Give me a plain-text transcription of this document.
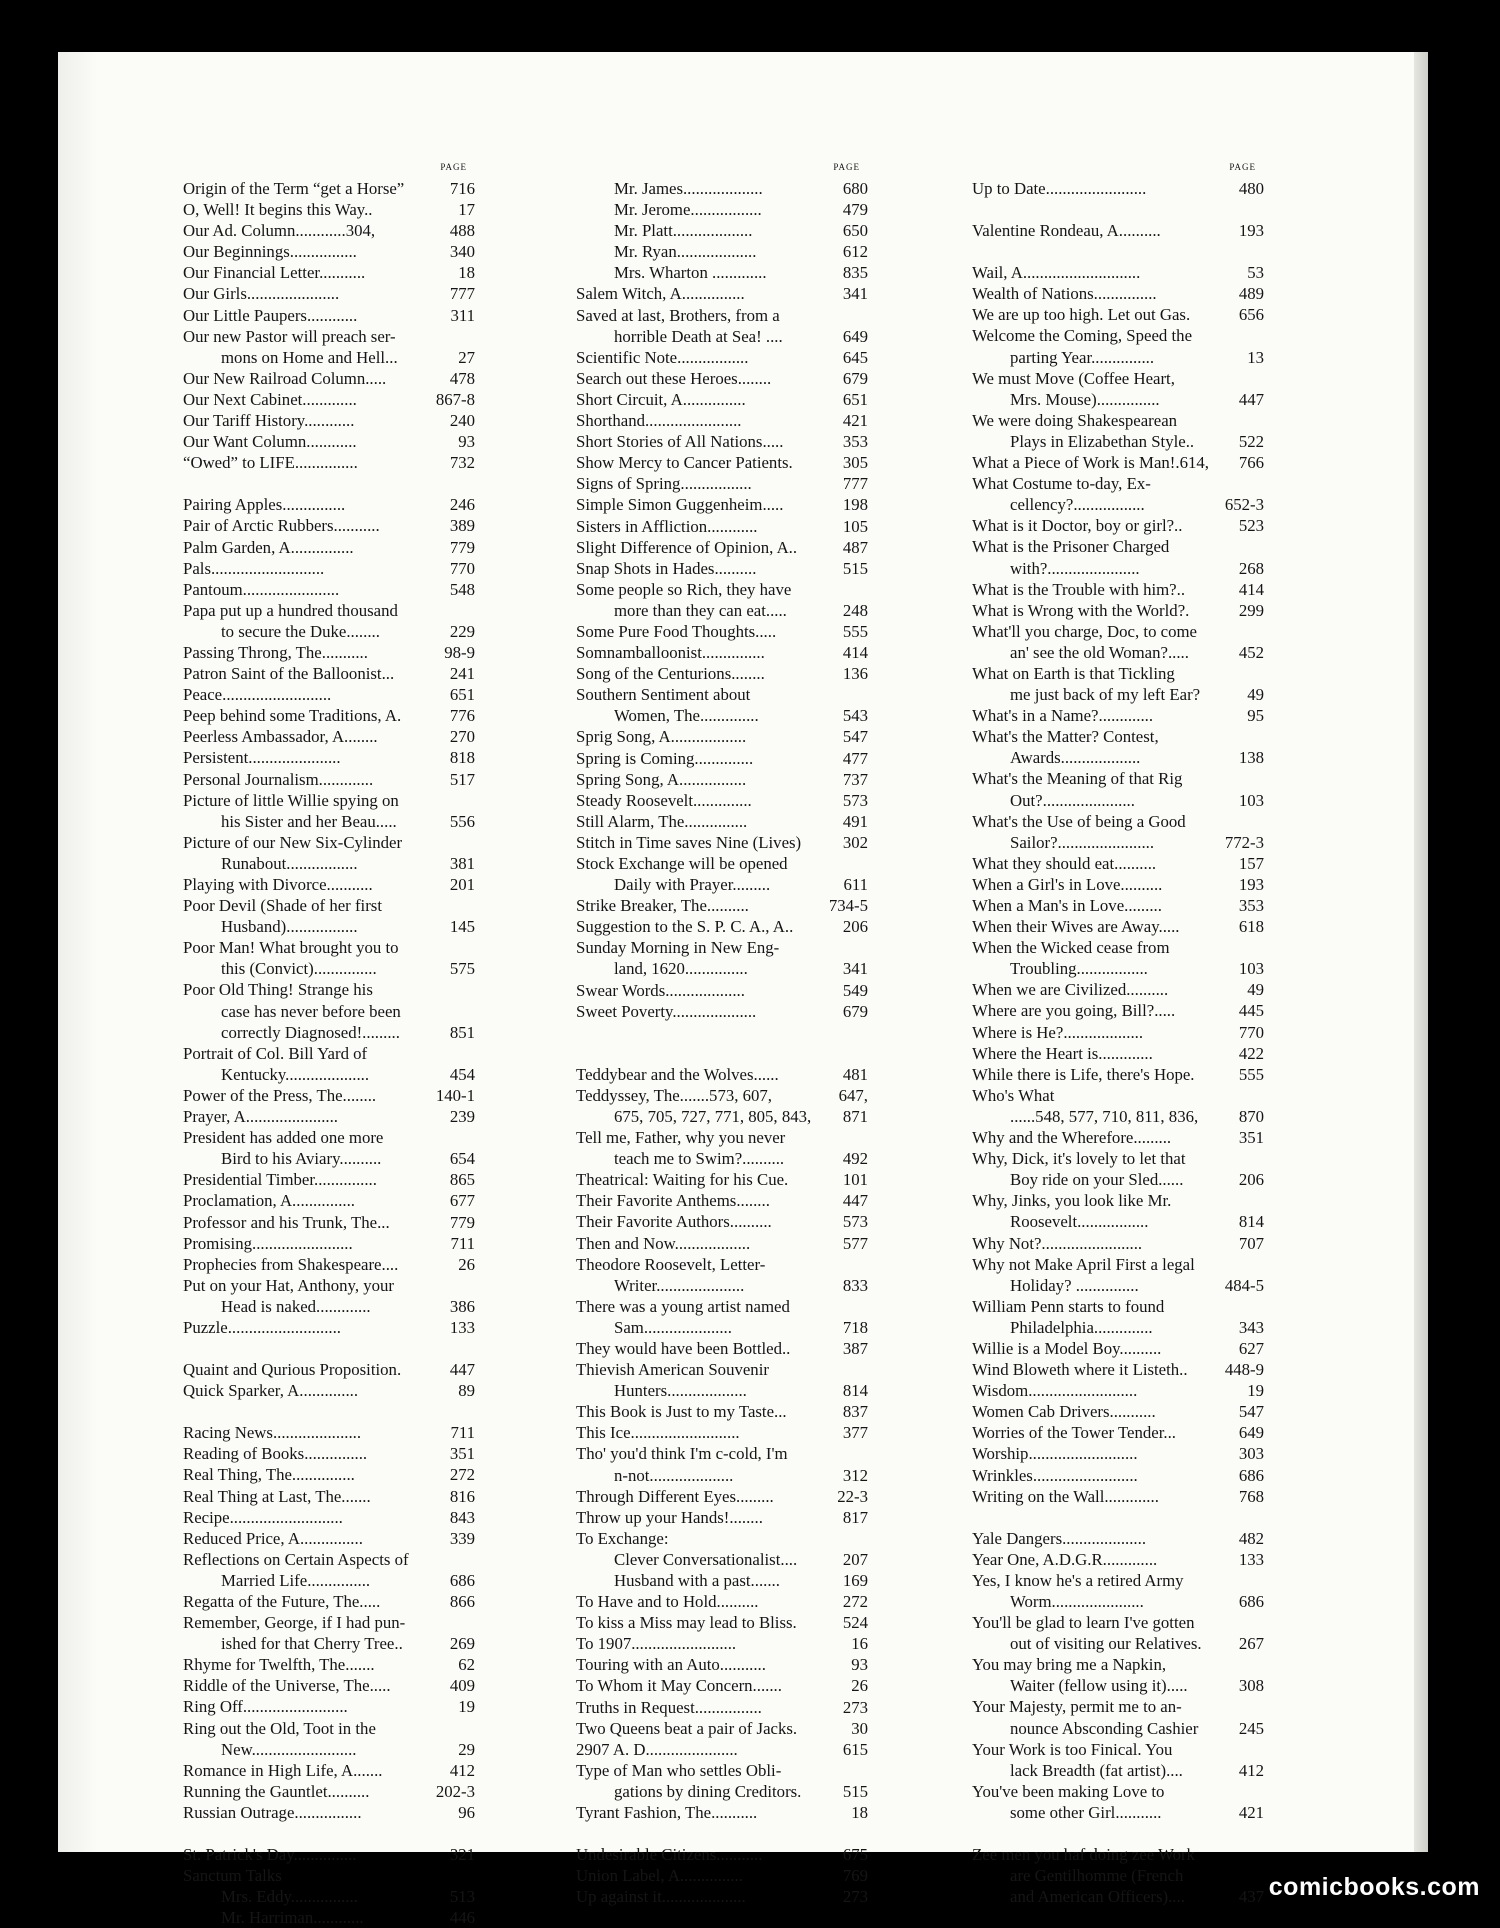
PAGE
Origin of the Term “get a Horse”	716
O, Well! It begins this Way..	17
Our Ad. Column............304,	488
Our Beginnings................	340
Our Financial Letter...........	18
Our Girls......................	777
Our Little Paupers............	311
Our new Pastor will preach ser-
mons on Home and Hell...	27
Our New Railroad Column.....	478
Our Next Cabinet.............	867-8
Our Tariff History............	240
Our Want Column............	93
“Owed” to LIFE...............	732
Pairing Apples...............	246
Pair of Arctic Rubbers...........	389
Palm Garden, A...............	779
Pals...........................	770
Pantoum.......................	548
Papa put up a hundred thousand
to secure the Duke........	229
Passing Throng, The...........	98-9
Patron Saint of the Balloonist...	241
Peace..........................	651
Peep behind some Traditions, A.	776
Peerless Ambassador, A........	270
Persistent......................	818
Personal Journalism.............	517
Picture of little Willie spying on
his Sister and her Beau.....	556
Picture of our New Six-Cylinder
Runabout.................	381
Playing with Divorce...........	201
Poor Devil (Shade of her first
Husband).................	145
Poor Man! What brought you to
this (Convict)...............	575
Poor Old Thing! Strange his
case has never before been
correctly Diagnosed!.........	851
Portrait of Col. Bill Yard of
Kentucky....................	454
Power of the Press, The........	140-1
Prayer, A......................	239
President has added one more
Bird to his Aviary..........	654
Presidential Timber...............	865
Proclamation, A...............	677
Professor and his Trunk, The...	779
Promising........................	711
Prophecies from Shakespeare....	26
Put on your Hat, Anthony, your
Head is naked.............	386
Puzzle...........................	133
Quaint and Qurious Proposition.	447
Quick Sparker, A..............	89
Racing News.....................	711
Reading of Books...............	351
Real Thing, The...............	272
Real Thing at Last, The.......	816
Recipe...........................	843
Reduced Price, A...............	339
Reflections on Certain Aspects of
Married Life...............	686
Regatta of the Future, The.....	866
Remember, George, if I had pun-
ished for that Cherry Tree..	269
Rhyme for Twelfth, The.......	62
Riddle of the Universe, The.....	409
Ring Off.........................	19
Ring out the Old, Toot in the
New.........................	29
Romance in High Life, A.......	412
Running the Gauntlet..........	202-3
Russian Outrage................	96
St. Patrick's Day...............	321
Sanctum Talks
Mrs. Eddy................	513
Mr. Harriman............	446
PAGE
Mr. James...................	680
Mr. Jerome.................	479
Mr. Platt...................	650
Mr. Ryan...................	612
Mrs. Wharton .............	835
Salem Witch, A...............	341
Saved at last, Brothers, from a
horrible Death at Sea! ....	649
Scientific Note.................	645
Search out these Heroes........	679
Short Circuit, A...............	651
Shorthand.......................	421
Short Stories of All Nations.....	353
Show Mercy to Cancer Patients.	305
Signs of Spring.................	777
Simple Simon Guggenheim.....	198
Sisters in Affliction............	105
Slight Difference of Opinion, A..	487
Snap Shots in Hades..........	515
Some people so Rich, they have
more than they can eat.....	248
Some Pure Food Thoughts.....	555
Somnamballoonist...............	414
Song of the Centurions........	136
Southern Sentiment about
Women, The..............	543
Sprig Song, A..................	547
Spring is Coming..............	477
Spring Song, A................	737
Steady Roosevelt..............	573
Still Alarm, The...............	491
Stitch in Time saves Nine (Lives)	302
Stock Exchange will be opened
Daily with Prayer.........	611
Strike Breaker, The..........	734-5
Suggestion to the S. P. C. A., A..	206
Sunday Morning in New Eng-
land, 1620...............	341
Swear Words...................	549
Sweet Poverty....................	679
Teddybear and the Wolves......	481
Teddyssey, The.......573, 607,	647,
675, 705, 727, 771, 805, 843,	871
Tell me, Father, why you never
teach me to Swim?..........	492
Theatrical: Waiting for his Cue.	101
Their Favorite Anthems........	447
Their Favorite Authors..........	573
Then and Now..................	577
Theodore Roosevelt, Letter-
Writer.....................	833
There was a young artist named
Sam.....................	718
They would have been Bottled..	387
Thievish American Souvenir
Hunters...................	814
This Book is Just to my Taste...	837
This Ice..........................	377
Tho' you'd think I'm c-cold, I'm
n-not....................	312
Through Different Eyes.........	22-3
Throw up your Hands!........	817
To Exchange:
Clever Conversationalist....	207
Husband with a past.......	169
To Have and to Hold..........	272
To kiss a Miss may lead to Bliss.	524
To 1907.........................	16
Touring with an Auto...........	93
To Whom it May Concern.......	26
Truths in Request................	273
Two Queens beat a pair of Jacks.	30
2907 A. D......................	615
Type of Man who settles Obli-
gations by dining Creditors.	515
Tyrant Fashion, The...........	18
Undesirable Citizens...........	675
Union Label, A...............	769
Up against it....................	273
PAGE
Up to Date........................	480
Valentine Rondeau, A..........	193
Wail, A............................	53
Wealth of Nations...............	489
We are up too high. Let out Gas.	656
Welcome the Coming, Speed the
parting Year...............	13
We must Move (Coffee Heart,
Mrs. Mouse)...............	447
We were doing Shakespearean
Plays in Elizabethan Style..	522
What a Piece of Work is Man!.614,	766
What Costume to-day, Ex-
cellency?.................	652-3
What is it Doctor, boy or girl?..	523
What is the Prisoner Charged
with?......................	268
What is the Trouble with him?..	414
What is Wrong with the World?.	299
What'll you charge, Doc, to come
an' see the old Woman?.....	452
What on Earth is that Tickling
me just back of my left Ear?	49
What's in a Name?.............	95
What's the Matter? Contest,
Awards...................	138
What's the Meaning of that Rig
Out?......................	103
What's the Use of being a Good
Sailor?.......................	772-3
What they should eat..........	157
When a Girl's in Love..........	193
When a Man's in Love.........	353
When their Wives are Away.....	618
When the Wicked cease from
Troubling.................	103
When we are Civilized..........	49
Where are you going, Bill?.....	445
Where is He?...................	770
Where the Heart is.............	422
While there is Life, there's Hope.	555
Who's What
......548, 577, 710, 811, 836,	870
Why and the Wherefore.........	351
Why, Dick, it's lovely to let that
Boy ride on your Sled......	206
Why, Jinks, you look like Mr.
Roosevelt.................	814
Why Not?........................	707
Why not Make April First a legal
Holiday? ...............	484-5
William Penn starts to found
Philadelphia..............	343
Willie is a Model Boy..........	627
Wind Bloweth where it Listeth..	448-9
Wisdom..........................	19
Women Cab Drivers...........	547
Worries of the Tower Tender...	649
Worship..........................	303
Wrinkles.........................	686
Writing on the Wall.............	768
Yale Dangers....................	482
Year One, A.D.G.R.............	133
Yes, I know he's a retired Army
Worm......................	686
You'll be glad to learn I've gotten
out of visiting our Relatives.	267
You may bring me a Napkin,
Waiter (fellow using it).....	308
Your Majesty, permit me to an-
nounce Absconding Cashier	245
Your Work is too Finical. You
lack Breadth (fat artist)....	412
You've been making Love to
some other Girl...........	421
Zee men you haf doing zee Work
are Gentilhomme (French
and American Officers)....	437 comicbooks.com
